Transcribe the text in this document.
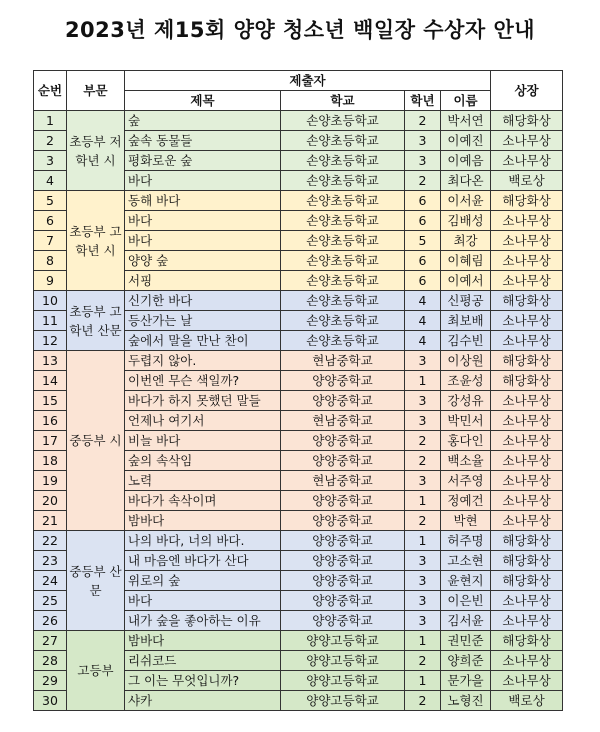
2023년 제15회 양양 청소년 백일장 수상자 안내
순번	부문	제출자				상장
		제목	학교	학년	이름	
1	초등부 저학년 시	숲	손양초등학교	2	박서연	해당화상
2		숲속 동물들	손양초등학교	3	이예진	소나무상
3		평화로운 숲	손양초등학교	3	이예음	소나무상
4		바다	손양초등학교	2	최다온	백로상
5	초등부 고학년 시	동해 바다	손양초등학교	6	이서윤	해당화상
6		바다	손양초등학교	6	김배성	소나무상
7		바다	손양초등학교	5	최강	소나무상
8		양양 숲	손양초등학교	6	이혜림	소나무상
9		서핑	손양초등학교	6	이예서	소나무상
10	초등부 고학년 산문	신기한 바다	손양초등학교	4	신평공	해당화상
11		등산가는 날	손양초등학교	4	최보배	소나무상
12		숲에서 말을 만난 찬이	손양초등학교	4	김수빈	소나무상
13	중등부 시	두렵지 않아.	현남중학교	3	이상원	해당화상
14		이번엔 무슨 색일까?	양양중학교	1	조윤성	해당화상
15		바다가 하지 못했던 말들	양양중학교	3	강성유	소나무상
16		언제나 여기서	현남중학교	3	박민서	소나무상
17		비늘 바다	양양중학교	2	홍다인	소나무상
18		숲의 속삭임	양양중학교	2	백소율	소나무상
19		노력	현남중학교	3	서주영	소나무상
20		바다가 속삭이며	양양중학교	1	정예건	소나무상
21		밤바다	양양중학교	2	박현	소나무상
22	중등부 산문	나의 바다, 너의 바다.	양양중학교	1	허주명	해당화상
23		내 마음엔 바다가 산다	양양중학교	3	고소현	해당화상
24		위로의 숲	양양중학교	3	윤현지	해당화상
25		바다	양양중학교	3	이은빈	소나무상
26		내가 숲을 좋아하는 이유	양양중학교	3	김서윤	소나무상
27	고등부	밤바다	양양고등학교	1	권민준	해당화상
28		리쉬코드	양양고등학교	2	양희준	소나무상
29		그 이는 무엇입니까?	양양고등학교	1	문가을	소나무상
30		샤카	양양고등학교	2	노형진	백로상
